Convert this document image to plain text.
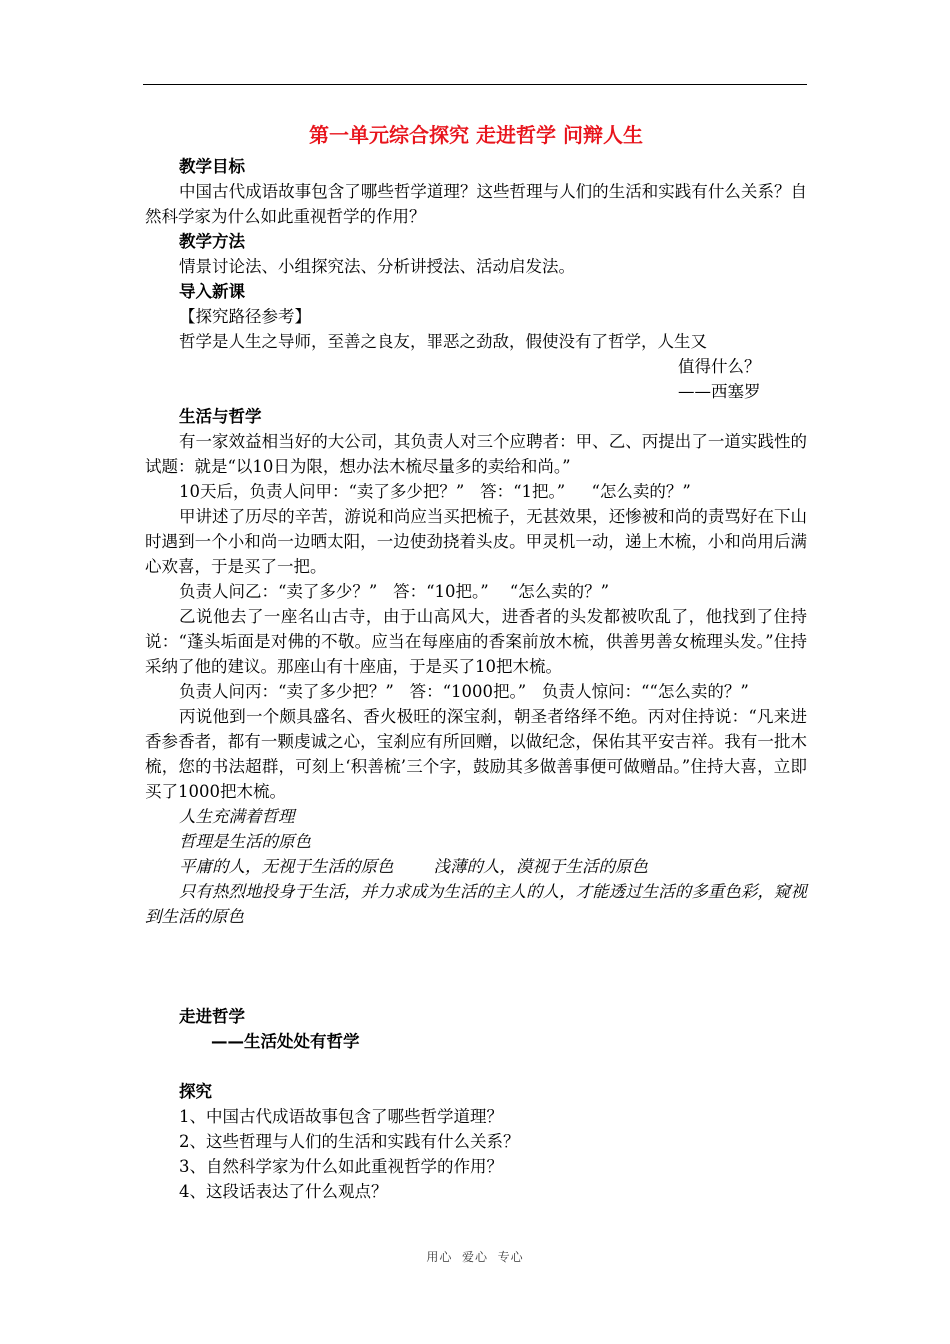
第一单元综合探究 走进哲学 问辩人生
教学目标
中国古代成语故事包含了哪些哲学道理？这些哲理与人们的生活和实践有什么关系？自然科学家为什么如此重视哲学的作用？
教学方法
情景讨论法、小组探究法、分析讲授法、活动启发法。
导入新课
【探究路径参考】
哲学是人生之导师，至善之良友，罪恶之劲敌，假使没有了哲学，人生又
值得什么？
——西塞罗
生活与哲学
有一家效益相当好的大公司，其负责人对三个应聘者：甲、乙、丙提出了一道实践性的试题：就是“以10日为限，想办法木梳尽量多的卖给和尚。”
10天后，负责人问甲：“卖了多少把？”   答：“1把。”     “怎么卖的？”
甲讲述了历尽的辛苦，游说和尚应当买把梳子，无甚效果，还惨被和尚的责骂好在下山时遇到一个小和尚一边晒太阳，一边使劲挠着头皮。甲灵机一动，递上木梳，小和尚用后满心欢喜，于是买了一把。
负责人问乙：“卖了多少？”   答：“10把。”    “怎么卖的？”
乙说他去了一座名山古寺，由于山高风大，进香者的头发都被吹乱了，他找到了住持说：“蓬头垢面是对佛的不敬。应当在每座庙的香案前放木梳，供善男善女梳理头发。”住持采纳了他的建议。那座山有十座庙，于是买了10把木梳。
负责人问丙：“卖了多少把？”   答：“1000把。”   负责人惊问：““怎么卖的？”
丙说他到一个颇具盛名、香火极旺的深宝刹，朝圣者络绎不绝。丙对住持说：“凡来进香参香者，都有一颗虔诚之心，宝刹应有所回赠，以做纪念，保佑其平安吉祥。我有一批木梳，您的书法超群，可刻上‘积善梳’三个字，鼓励其多做善事便可做赠品。”住持大喜，立即买了1000把木梳。
人生充满着哲理
哲理是生活的原色
平庸的人，无视于生活的原色 浅薄的人，漠视于生活的原色
只有热烈地投身于生活，并力求成为生活的主人的人，才能透过生活的多重色彩，窥视到生活的原色
走进哲学
——生活处处有哲学
探究
1、中国古代成语故事包含了哪些哲学道理？
2、这些哲理与人们的生活和实践有什么关系？
3、自然科学家为什么如此重视哲学的作用？
4、这段话表达了什么观点？
用心  爱心  专心
